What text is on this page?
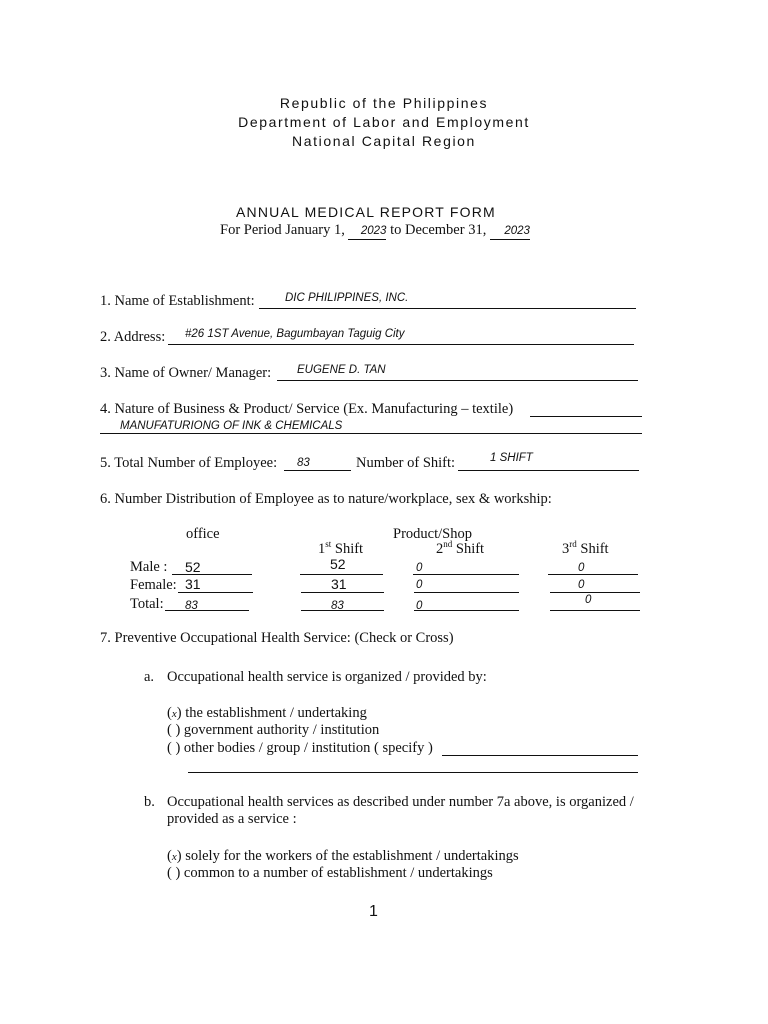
Republic of the Philippines
Department of Labor and Employment
National Capital Region
ANNUAL MEDICAL REPORT FORM
For Period January 1, 2023 to December 31, 2023
1. Name of Establishment:	DIC PHILIPPINES, INC.
2. Address: #26 1ST Avenue, Bagumbayan Taguig City
3. Name of Owner/ Manager: EUGENE D. TAN
4. Nature of Business & Product/ Service (Ex. Manufacturing – textile)
MANUFATURIONG OF INK & CHEMICALS
5. Total Number of Employee: 83	Number of Shift:	1 SHIFT
6. Number Distribution of Employee as to nature/workplace, sex & workship:
office	Product/Shop
1st Shift	2nd Shift	3rd Shift
Male : 52	52	0	0
Female: 31	31	0	0
Total: 83	83	0	0
7. Preventive Occupational Health Service: (Check or Cross)
a. Occupational health service is organized / provided by:
(x) the establishment / undertaking
( ) government authority / institution
( ) other bodies / group / institution ( specify )
b. Occupational health services as described under number 7a above, is organized /
provided as a service :
(x) solely for the workers of the establishment / undertakings
( ) common to a number of establishment / undertakings
1
